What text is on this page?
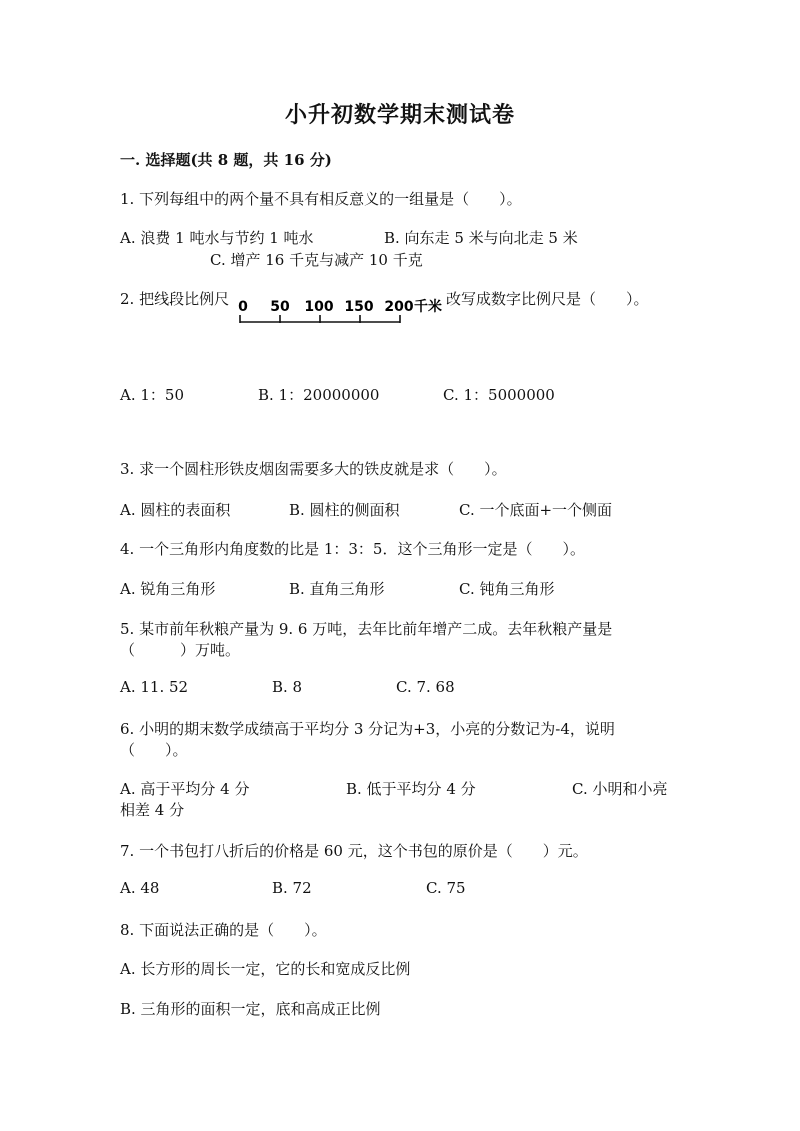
小升初数学期末测试卷
一. 选择题(共 8 题，共 16 分)
1. 下列每组中的两个量不具有相反意义的一组量是（　　）。
A. 浪费 1 吨水与节约 1 吨水	B. 向东走 5 米与向北走 5 米
C. 增产 16 千克与减产 10 千克
2. 把线段比例尺 0 50 100 150 200 千米 改写成数字比例尺是（　　）。
A. 1：50	B. 1：20000000	C. 1：5000000
3. 求一个圆柱形铁皮烟囱需要多大的铁皮就是求（　　）。
A. 圆柱的表面积	B. 圆柱的侧面积	C. 一个底面+一个侧面
4. 一个三角形内角度数的比是 1：3：5．这个三角形一定是（　　）。
A. 锐角三角形	B. 直角三角形	C. 钝角三角形
5. 某市前年秋粮产量为 9. 6 万吨，去年比前年增产二成。去年秋粮产量是
（　　　）万吨。
A. 11. 52	B. 8	C. 7. 68
6. 小明的期末数学成绩高于平均分 3 分记为+3，小亮的分数记为-4，说明
（　　）。
A. 高于平均分 4 分	B. 低于平均分 4 分	C. 小明和小亮
相差 4 分
7. 一个书包打八折后的价格是 60 元，这个书包的原价是（　　）元。
A. 48	B. 72	C. 75
8. 下面说法正确的是（　　）。
A. 长方形的周长一定，它的长和宽成反比例
B. 三角形的面积一定，底和高成正比例
